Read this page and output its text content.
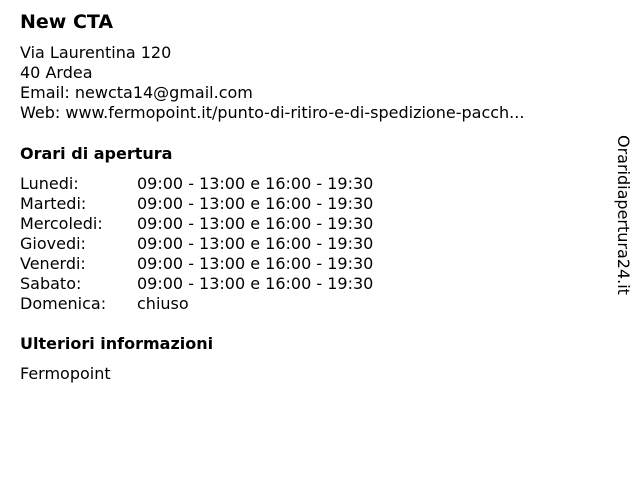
New CTA
Via Laurentina 120
40 Ardea
Email: newcta14@gmail.com
Web: www.fermopoint.it/punto-di-ritiro-e-di-spedizione-pacch...
Orari di apertura
Lunedi:	09:00 - 13:00 e 16:00 - 19:30
Martedi:	09:00 - 13:00 e 16:00 - 19:30
Mercoledi: 09:00 - 13:00 e 16:00 - 19:30
Giovedi:	09:00 - 13:00 e 16:00 - 19:30
Venerdi:	09:00 - 13:00 e 16:00 - 19:30
Sabato:	09:00 - 13:00 e 16:00 - 19:30
Domenica: chiuso
Ulteriori informazioni
Fermopoint
Oraridiapertura24.it
